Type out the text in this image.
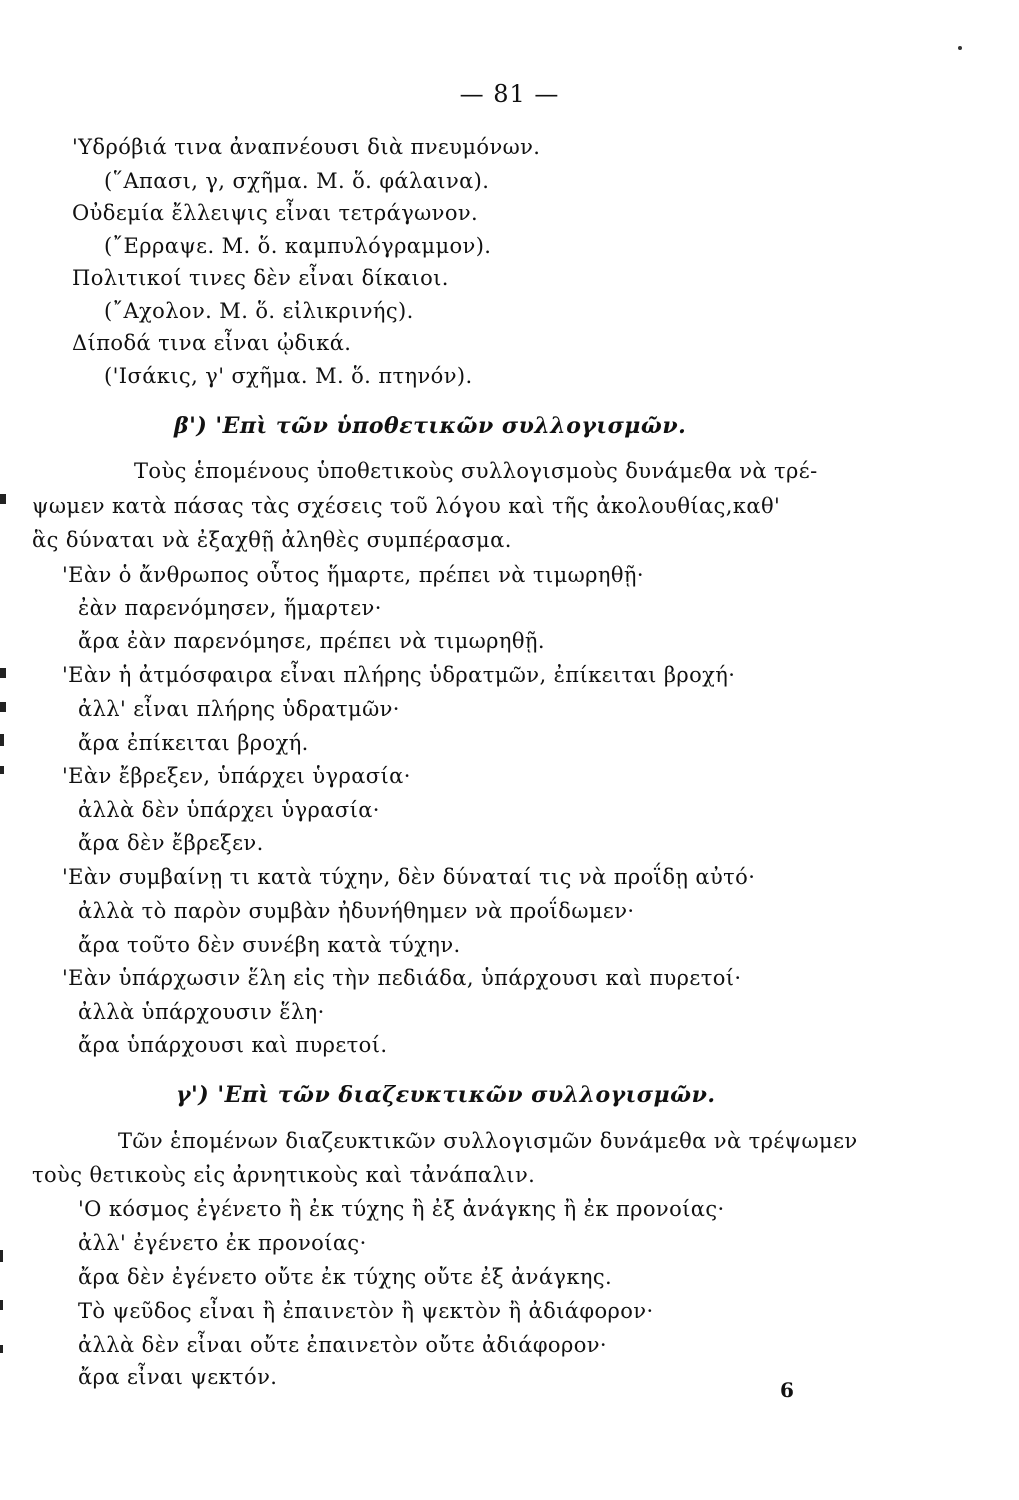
— 81 —
'Υδρόβιά τινα ἀναπνέουσι διὰ πνευμόνων.
(῞Απασι, γ, σχῆμα. Μ. ὅ. φάλαινα).
Οὐδεμία ἔλλειψις εἶναι τετράγωνον.
(῎Ερραψε. Μ. ὅ. καμπυλόγραμμον).
Πολιτικοί τινες δὲν εἶναι δίκαιοι.
(῎Αχολον. Μ. ὅ. εἰλικρινής).
Δίποδά τινα εἶναι ᾠδικά.
('Ισάκις, γ' σχῆμα. Μ. ὅ. πτηνόν).
β') 'Επὶ τῶν ὑποθετικῶν συλλογισμῶν.
Τοὺς ἑπομένους ὑποθετικοὺς συλλογισμοὺς δυνάμεθα νὰ τρέ-
ψωμεν κατὰ πάσας τὰς σχέσεις τοῦ λόγου καὶ τῆς ἀκολουθίας,καθ'
ἃς δύναται νὰ ἐξαχθῇ ἀληθὲς συμπέρασμα.
'Εὰν ὁ ἄνθρωπος οὗτος ἥμαρτε, πρέπει νὰ τιμωρηθῇ·
ἐὰν παρενόμησεν, ἥμαρτεν·
ἄρα ἐὰν παρενόμησε, πρέπει νὰ τιμωρηθῇ.
'Εὰν ἡ ἀτμόσφαιρα εἶναι πλήρης ὑδρατμῶν, ἐπίκειται βροχή·
ἀλλ' εἶναι πλήρης ὑδρατμῶν·
ἄρα ἐπίκειται βροχή.
'Εὰν ἔβρεξεν, ὑπάρχει ὑγρασία·
ἀλλὰ δὲν ὑπάρχει ὑγρασία·
ἄρα δὲν ἔβρεξεν.
'Εὰν συμβαίνῃ τι κατὰ τύχην, δὲν δύναταί τις νὰ προΐδῃ αὐτό·
ἀλλὰ τὸ παρὸν συμβὰν ἠδυνήθημεν νὰ προΐδωμεν·
ἄρα τοῦτο δὲν συνέβη κατὰ τύχην.
'Εὰν ὑπάρχωσιν ἕλη εἰς τὴν πεδιάδα, ὑπάρχουσι καὶ πυρετοί·
ἀλλὰ ὑπάρχουσιν ἕλη·
ἄρα ὑπάρχουσι καὶ πυρετοί.
γ') 'Επὶ τῶν διαζευκτικῶν συλλογισμῶν.
Τῶν ἑπομένων διαζευκτικῶν συλλογισμῶν δυνάμεθα νὰ τρέψωμεν
τοὺς θετικοὺς εἰς ἀρνητικοὺς καὶ τἀνάπαλιν.
'Ο κόσμος ἐγένετο ἢ ἐκ τύχης ἢ ἐξ ἀνάγκης ἢ ἐκ προνοίας·
ἀλλ' ἐγένετο ἐκ προνοίας·
ἄρα δὲν ἐγένετο οὔτε ἐκ τύχης οὔτε ἐξ ἀνάγκης.
Τὸ ψεῦδος εἶναι ἢ ἐπαινετὸν ἢ ψεκτὸν ἢ ἀδιάφορον·
ἀλλὰ δὲν εἶναι οὔτε ἐπαινετὸν οὔτε ἀδιάφορον·
ἄρα εἶναι ψεκτόν.
6
